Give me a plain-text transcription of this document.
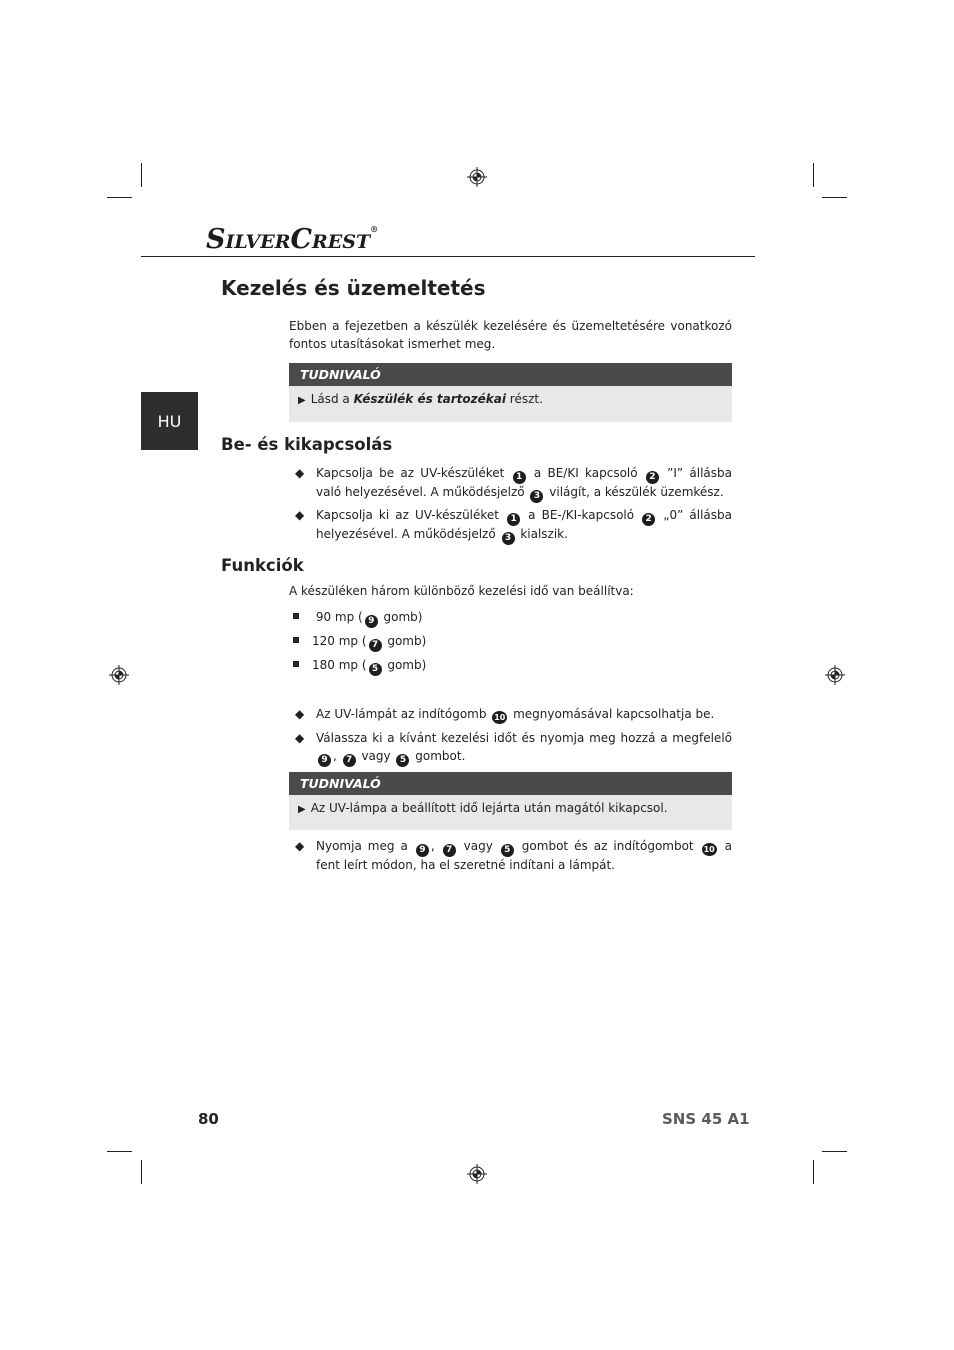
SILVERCREST®
HU
Kezelés és üzemeltetés
Ebben a fejezetben a készülék kezelésére és üzemeltetésére vonatkozó fontos utasításokat ismerhet meg.
TUDNIVALÓ
▶ Lásd a Készülék és tartozékai részt.
Be- és kikapcsolás
◆ Kapcsolja be az UV-készüléket 1 a BE/KI kapcsoló 2 ”I” állásba való helyezésével. A működésjelző 3 világít, a készülék üzemkész.
◆ Kapcsolja ki az UV-készüléket 1 a BE-/KI-kapcsoló 2 „0” állásba helyezésével. A működésjelző 3 kialszik.
Funkciók
A készüléken három különböző kezelési idő van beállítva:
90 mp ( 9 gomb)
120 mp ( 7 gomb)
180 mp ( 5 gomb)
◆ Az UV-lámpát az indítógomb 10 megnyomásával kapcsolhatja be.
◆ Válassza ki a kívánt kezelési időt és nyomja meg hozzá a megfelelő 9 , 7 vagy 5 gombot.
TUDNIVALÓ
▶ Az UV-lámpa a beállított idő lejárta után magától kikapcsol.
◆ Nyomja meg a 9 , 7 vagy 5 gombot és az indítógombot 10 a fent leírt módon, ha el szeretné indítani a lámpát.
80	SNS 45 A1
